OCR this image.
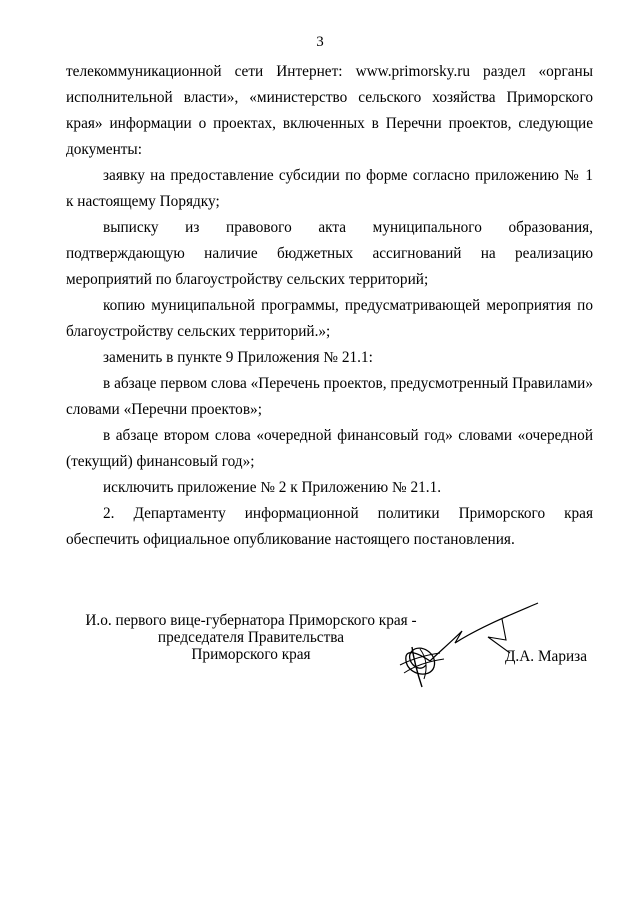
3
телекоммуникационной сети Интернет: www.primorsky.ru раздел «органы
исполнительной власти», «министерство сельского хозяйства Приморского
края» информации о проектах, включенных в Перечни проектов, следующие
документы:
заявку на предоставление субсидии по форме согласно приложению № 1
к настоящему Порядку;
выписку из правового акта муниципального образования,
подтверждающую наличие бюджетных ассигнований на реализацию
мероприятий по благоустройству сельских территорий;
копию муниципальной программы, предусматривающей мероприятия по
благоустройству сельских территорий.»;
заменить в пункте 9 Приложения № 21.1:
в абзаце первом слова «Перечень проектов, предусмотренный Правилами»
словами «Перечни проектов»;
в абзаце втором слова «очередной финансовый год» словами «очередной
(текущий) финансовый год»;
исключить приложение № 2 к Приложению № 21.1.
2. Департаменту информационной политики Приморского края
обеспечить официальное опубликование настоящего постановления.
И.о. первого вице-губернатора Приморского края -
председателя Правительства
Приморского края	Д.А. Мариза
